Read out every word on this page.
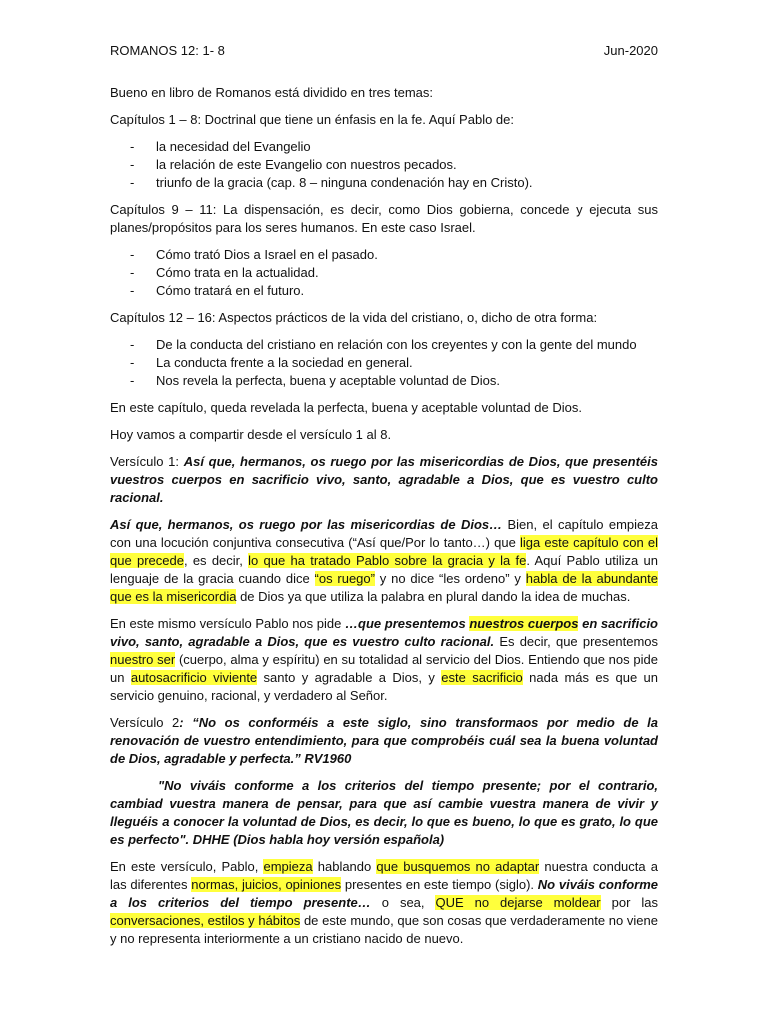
ROMANOS 12: 1- 8	Jun-2020

Bueno en libro de Romanos está dividido en tres temas:

Capítulos 1 – 8: Doctrinal que tiene un énfasis en la fe. Aquí Pablo de:

- la necesidad del Evangelio
- la relación de este Evangelio con nuestros pecados.
- triunfo de la gracia (cap. 8 – ninguna condenación hay en Cristo).

Capítulos 9 – 11: La dispensación, es decir, como Dios gobierna, concede y ejecuta sus planes/propósitos para los seres humanos. En este caso Israel.

- Cómo trató Dios a Israel en el pasado.
- Cómo trata en la actualidad.
- Cómo tratará en el futuro.

Capítulos 12 – 16: Aspectos prácticos de la vida del cristiano, o, dicho de otra forma:

- De la conducta del cristiano en relación con los creyentes y con la gente del mundo
- La conducta frente a la sociedad en general.
- Nos revela la perfecta, buena y aceptable voluntad de Dios.

En este capítulo, queda revelada la perfecta, buena y aceptable voluntad de Dios.

Hoy vamos a compartir desde el versículo 1 al 8.

Versículo 1: Así que, hermanos, os ruego por las misericordias de Dios, que presentéis vuestros cuerpos en sacrificio vivo, santo, agradable a Dios, que es vuestro culto racional.

Así que, hermanos, os ruego por las misericordias de Dios… Bien, el capítulo empieza con una locución conjuntiva consecutiva (“Así que/Por lo tanto…) que liga este capítulo con el que precede, es decir, lo que ha tratado Pablo sobre la gracia y la fe. Aquí Pablo utiliza un lenguaje de la gracia cuando dice “os ruego” y no dice “les ordeno” y habla de la abundante que es la misericordia de Dios ya que utiliza la palabra en plural dando la idea de muchas.

En este mismo versículo Pablo nos pide …que presentemos nuestros cuerpos en sacrificio vivo, santo, agradable a Dios, que es vuestro culto racional. Es decir, que presentemos nuestro ser (cuerpo, alma y espíritu) en su totalidad al servicio del Dios. Entiendo que nos pide un autosacrificio viviente santo y agradable a Dios, y este sacrificio nada más es que un servicio genuino, racional, y verdadero al Señor.

Versículo 2: “No os conforméis a este siglo, sino transformaos por medio de la renovación de vuestro entendimiento, para que comprobéis cuál sea la buena voluntad de Dios, agradable y perfecta.” RV1960

"No viváis conforme a los criterios del tiempo presente; por el contrario, cambiad vuestra manera de pensar, para que así cambie vuestra manera de vivir y lleguéis a conocer la voluntad de Dios, es decir, lo que es bueno, lo que es grato, lo que es perfecto". DHHE (Dios habla hoy versión española)

En este versículo, Pablo, empieza hablando que busquemos no adaptar nuestra conducta a las diferentes normas, juicios, opiniones presentes en este tiempo (siglo). No viváis conforme a los criterios del tiempo presente… o sea, QUE no dejarse moldear por las conversaciones, estilos y hábitos de este mundo, que son cosas que verdaderamente no viene y no representa interiormente a un cristiano nacido de nuevo.
